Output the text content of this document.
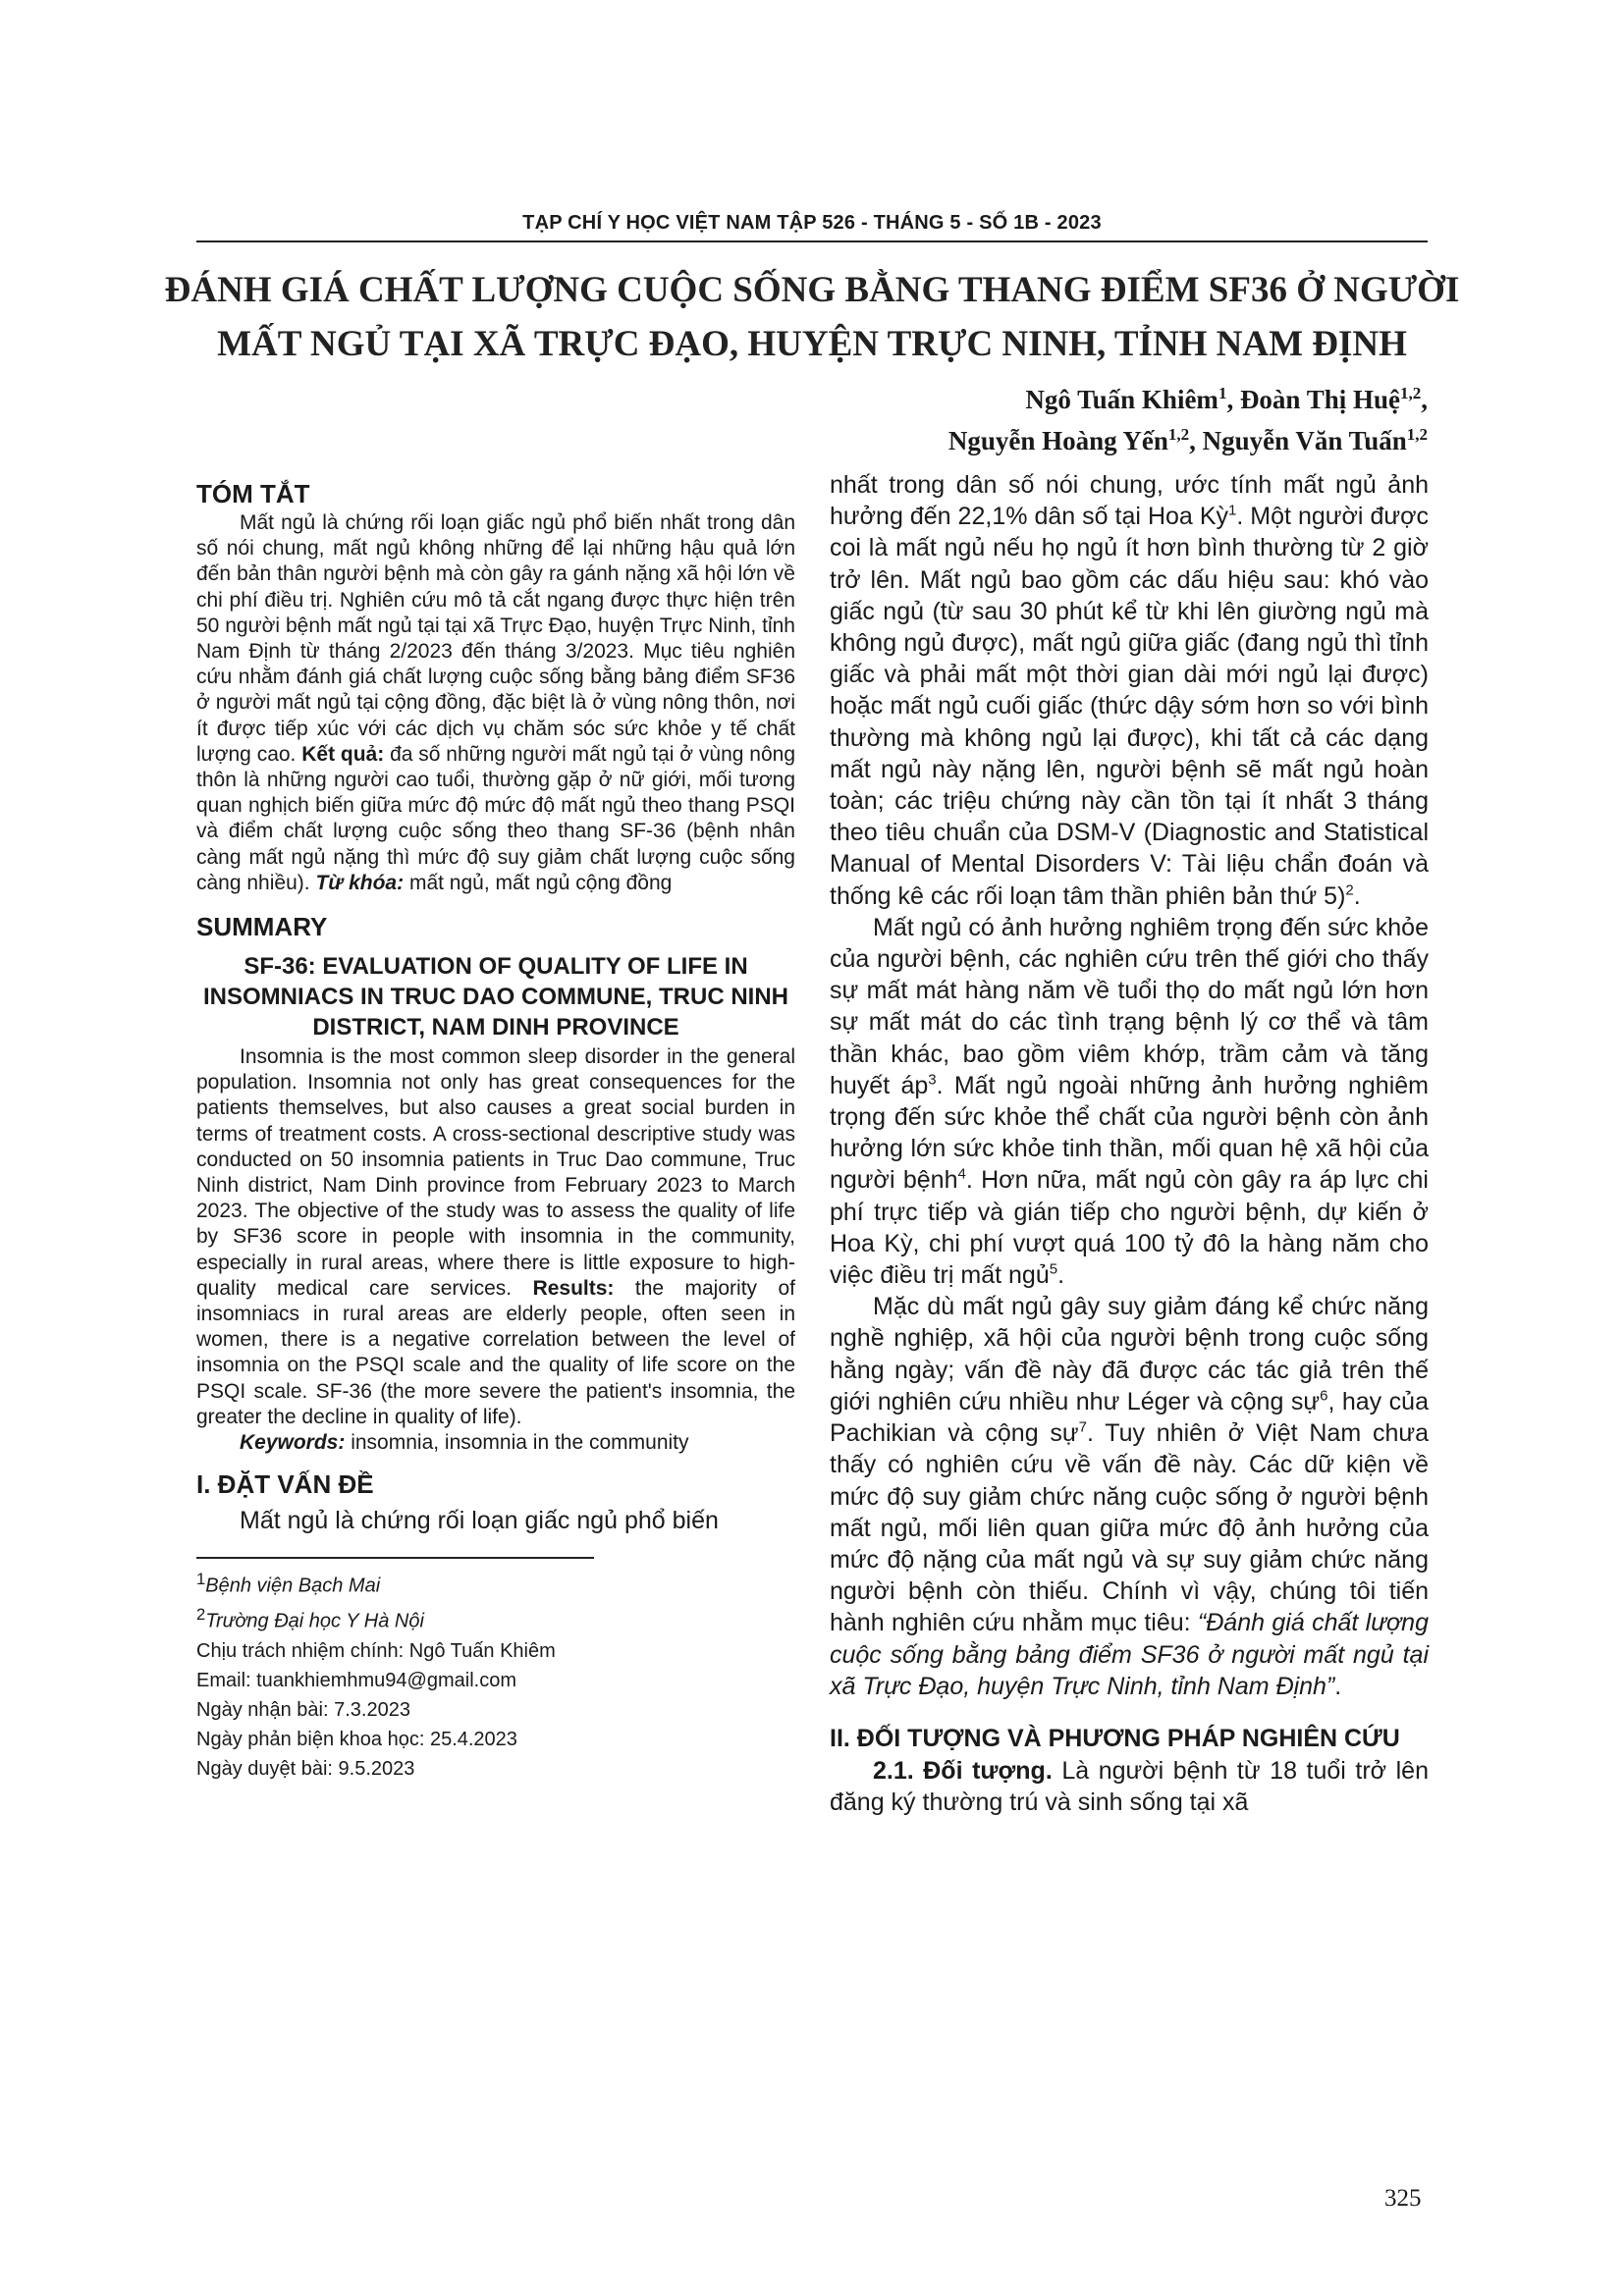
TẠP CHÍ Y HỌC VIỆT NAM TẬP 526 - THÁNG 5 - SỐ 1B - 2023
ĐÁNH GIÁ CHẤT LƯỢNG CUỘC SỐNG BẰNG THANG ĐIỂM SF36 Ở NGƯỜI
MẤT NGỦ TẠI XÃ TRỰC ĐẠO, HUYỆN TRỰC NINH, TỈNH NAM ĐỊNH
Ngô Tuấn Khiêm$^1$, Đoàn Thị Huệ$^{1,2}$,
Nguyễn Hoàng Yến$^{1,2}$, Nguyễn Văn Tuấn$^{1,2}$
TÓM TẮT

Mất ngủ là chứng rối loạn giấc ngủ phổ biến nhất trong dân số nói chung, mất ngủ không những để lại những hậu quả lớn đến bản thân người bệnh mà còn gây ra gánh nặng xã hội lớn về chi phí điều trị. Nghiên cứu mô tả cắt ngang được thực hiện trên 50 người bệnh mất ngủ tại tại xã Trực Đạo, huyện Trực Ninh, tỉnh Nam Định từ tháng 2/2023 đến tháng 3/2023. Mục tiêu nghiên cứu nhằm đánh giá chất lượng cuộc sống bằng bảng điểm SF36 ở người mất ngủ tại cộng đồng, đặc biệt là ở vùng nông thôn, nơi ít được tiếp xúc với các dịch vụ chăm sóc sức khỏe y tế chất lượng cao. Kết quả: đa số những người mất ngủ tại ở vùng nông thôn là những người cao tuổi, thường gặp ở nữ giới, mối tương quan nghịch biến giữa mức độ mức độ mất ngủ theo thang PSQI và điểm chất lượng cuộc sống theo thang SF-36 (bệnh nhân càng mất ngủ nặng thì mức độ suy giảm chất lượng cuộc sống càng nhiều). Từ khóa: mất ngủ, mất ngủ cộng đồng

SUMMARY

SF-36: EVALUATION OF QUALITY OF LIFE IN INSOMNIACS IN TRUC DAO COMMUNE, TRUC NINH DISTRICT, NAM DINH PROVINCE

Insomnia is the most common sleep disorder in the general population. Insomnia not only has great consequences for the patients themselves, but also causes a great social burden in terms of treatment costs. A cross-sectional descriptive study was conducted on 50 insomnia patients in Truc Dao commune, Truc Ninh district, Nam Dinh province from February 2023 to March 2023. The objective of the study was to assess the quality of life by SF36 score in people with insomnia in the community, especially in rural areas, where there is little exposure to high-quality medical care services. Results: the majority of insomniacs in rural areas are elderly people, often seen in women, there is a negative correlation between the level of insomnia on the PSQI scale and the quality of life score on the PSQI scale. SF-36 (the more severe the patient's insomnia, the greater the decline in quality of life).

Keywords: insomnia, insomnia in the community

I. ĐẶT VẤN ĐỀ

Mất ngủ là chứng rối loạn giấc ngủ phổ biến

$^1$Bệnh viện Bạch Mai

$^2$Trường Đại học Y Hà Nội

Chịu trách nhiệm chính: Ngô Tuấn Khiêm

Email: tuankhiemhmu94@gmail.com

Ngày nhận bài: 7.3.2023

Ngày phản biện khoa học: 25.4.2023

Ngày duyệt bài: 9.5.2023

nhất trong dân số nói chung, ước tính mất ngủ ảnh hưởng đến 22,1% dân số tại Hoa Kỳ$^1$. Một người được coi là mất ngủ nếu họ ngủ ít hơn bình thường từ 2 giờ trở lên. Mất ngủ bao gồm các dấu hiệu sau: khó vào giấc ngủ (từ sau 30 phút kể từ khi lên giường ngủ mà không ngủ được), mất ngủ giữa giấc (đang ngủ thì tỉnh giấc và phải mất một thời gian dài mới ngủ lại được) hoặc mất ngủ cuối giấc (thức dậy sớm hơn so với bình thường mà không ngủ lại được), khi tất cả các dạng mất ngủ này nặng lên, người bệnh sẽ mất ngủ hoàn toàn; các triệu chứng này cần tồn tại ít nhất 3 tháng theo tiêu chuẩn của DSM-V (Diagnostic and Statistical Manual of Mental Disorders V: Tài liệu chẩn đoán và thống kê các rối loạn tâm thần phiên bản thứ 5)$^2$.

Mất ngủ có ảnh hưởng nghiêm trọng đến sức khỏe của người bệnh, các nghiên cứu trên thế giới cho thấy sự mất mát hàng năm về tuổi thọ do mất ngủ lớn hơn sự mất mát do các tình trạng bệnh lý cơ thể và tâm thần khác, bao gồm viêm khớp, trầm cảm và tăng huyết áp$^3$. Mất ngủ ngoài những ảnh hưởng nghiêm trọng đến sức khỏe thể chất của người bệnh còn ảnh hưởng lớn sức khỏe tinh thần, mối quan hệ xã hội của người bệnh$^4$. Hơn nữa, mất ngủ còn gây ra áp lực chi phí trực tiếp và gián tiếp cho người bệnh, dự kiến ở Hoa Kỳ, chi phí vượt quá 100 tỷ đô la hàng năm cho việc điều trị mất ngủ$^5$.

Mặc dù mất ngủ gây suy giảm đáng kể chức năng nghề nghiệp, xã hội của người bệnh trong cuộc sống hằng ngày; vấn đề này đã được các tác giả trên thế giới nghiên cứu nhiều như Léger và cộng sự$^6$, hay của Pachikian và cộng sự$^7$. Tuy nhiên ở Việt Nam chưa thấy có nghiên cứu về vấn đề này. Các dữ kiện về mức độ suy giảm chức năng cuộc sống ở người bệnh mất ngủ, mối liên quan giữa mức độ ảnh hưởng của mức độ nặng của mất ngủ và sự suy giảm chức năng người bệnh còn thiếu. Chính vì vậy, chúng tôi tiến hành nghiên cứu nhằm mục tiêu: “Đánh giá chất lượng cuộc sống bằng bảng điểm SF36 ở người mất ngủ tại xã Trực Đạo, huyện Trực Ninh, tỉnh Nam Định”.

II. ĐỐI TƯỢNG VÀ PHƯƠNG PHÁP NGHIÊN CỨU

2.1. Đối tượng. Là người bệnh từ 18 tuổi trở lên đăng ký thường trú và sinh sống tại xã

325
